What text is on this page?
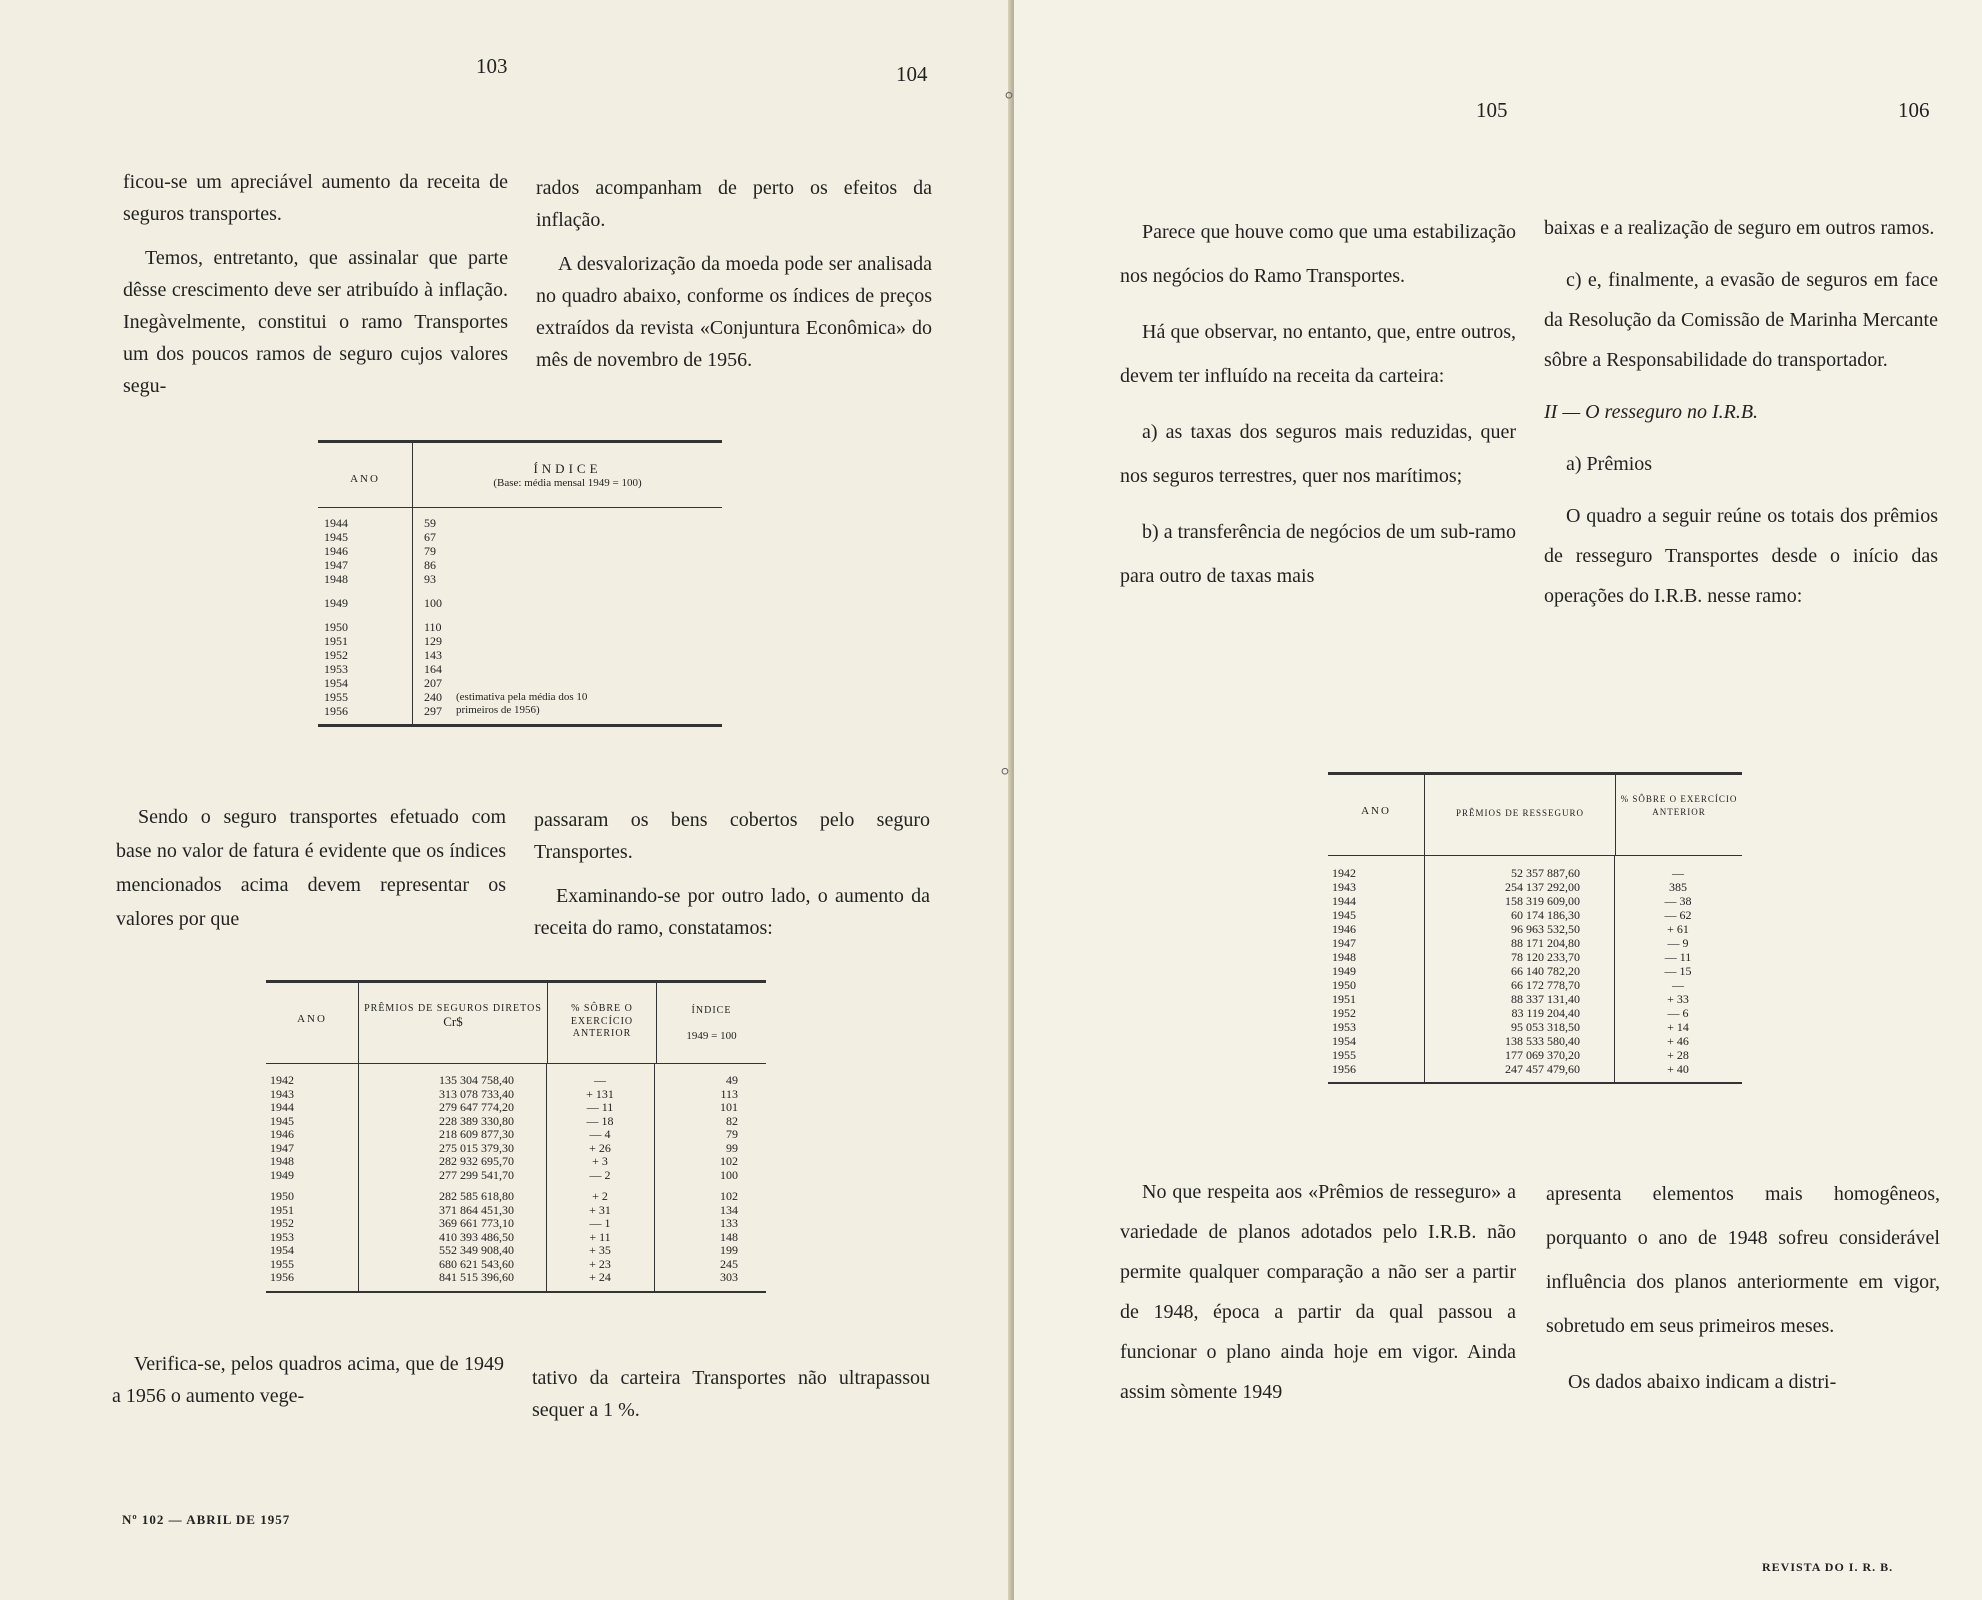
103	104
105	106

ficou-se um apreciável aumento da receita de seguros transportes.

Temos, entretanto, que assinalar que parte dêsse crescimento deve ser atribuído à inflação. Inegàvelmente, constitui o ramo Transportes um dos poucos ramos de seguro cujos valores segu-

Sendo o seguro transportes efetuado com base no valor de fatura é evidente que os índices mencionados acima devem representar os valores por que

Verifica-se, pelos quadros acima, que de 1949 a 1956 o aumento vege-

Nº 102 — ABRIL DE 1957

rados acompanham de perto os efeitos da inflação.

A desvalorização da moeda pode ser analisada no quadro abaixo, conforme os índices de preços extraídos da revista «Conjuntura Econômica» do mês de novembro de 1956.

passaram os bens cobertos pelo seguro Transportes.

Examinando-se por outro lado, o aumento da receita do ramo, constatamos:

tativo da carteira Transportes não ultrapassou sequer a 1 %.

ANO
ÍNDICE
(Base: média mensal 1949 = 100)
1944	59
1945	67
1946	79
1947	86
1948	93
1949	100
1950	110
1951	129
1952	143
1953	164
1954	207
1955	240
1956	297
(estimativa pela média dos 10 primeiros de 1956)
ANO
PRÊMIOS DE SEGUROS DIRETOS
Cr$
% SÔBRE O EXERCÍCIO ANTERIOR
ÍNDICE
1949 = 100
1942	135 304 758,40	—	49
1943	313 078 733,40	+ 131	113
1944	279 647 774,20	— 11	101
1945	228 389 330,80	— 18	82
1946	218 609 877,30	— 4	79
1947	275 015 379,30	+ 26	99
1948	282 932 695,70	+ 3	102
1949	277 299 541,70	— 2	100
1950	282 585 618,80	+ 2	102
1951	371 864 451,30	+ 31	134
1952	369 661 773,10	— 1	133
1953	410 393 486,50	+ 11	148
1954	552 349 908,40	+ 35	199
1955	680 621 543,60	+ 23	245
1956	841 515 396,60	+ 24	303

Parece que houve como que uma estabilização nos negócios do Ramo Transportes.

Há que observar, no entanto, que, entre outros, devem ter influído na receita da carteira:

a) as taxas dos seguros mais reduzidas, quer nos seguros terrestres, quer nos marítimos;

b) a transferência de negócios de um sub-ramo para outro de taxas mais

No que respeita aos «Prêmios de resseguro» a variedade de planos adotados pelo I.R.B. não permite qualquer comparação a não ser a partir de 1948, época a partir da qual passou a funcionar o plano ainda hoje em vigor. Ainda assim sòmente 1949

baixas e a realização de seguro em outros ramos.

c) e, finalmente, a evasão de seguros em face da Resolução da Comissão de Marinha Mercante sôbre a Responsabilidade do transportador.

II — O resseguro no I.R.B.

a) Prêmios

O quadro a seguir reúne os totais dos prêmios de resseguro Transportes desde o início das operações do I.R.B. nesse ramo:

apresenta elementos mais homogêneos, porquanto o ano de 1948 sofreu considerável influência dos planos anteriormente em vigor, sobretudo em seus primeiros meses.

Os dados abaixo indicam a distri-

REVISTA DO I. R. B.
ANO	PRÊMIOS DE RESSEGURO
% SÔBRE O EXERCÍCIO ANTERIOR
1942	52 357 887,60	—
1943	254 137 292,00	385
1944	158 319 609,00	— 38
1945	60 174 186,30	— 62
1946	96 963 532,50	+ 61
1947	88 171 204,80	— 9
1948	78 120 233,70	— 11
1949	66 140 782,20	— 15
1950	66 172 778,70	—
1951	88 337 131,40	+ 33
1952	83 119 204,40	— 6
1953	95 053 318,50	+ 14
1954	138 533 580,40	+ 46
1955	177 069 370,20	+ 28
1956	247 457 479,60	+ 40
◦
◦
